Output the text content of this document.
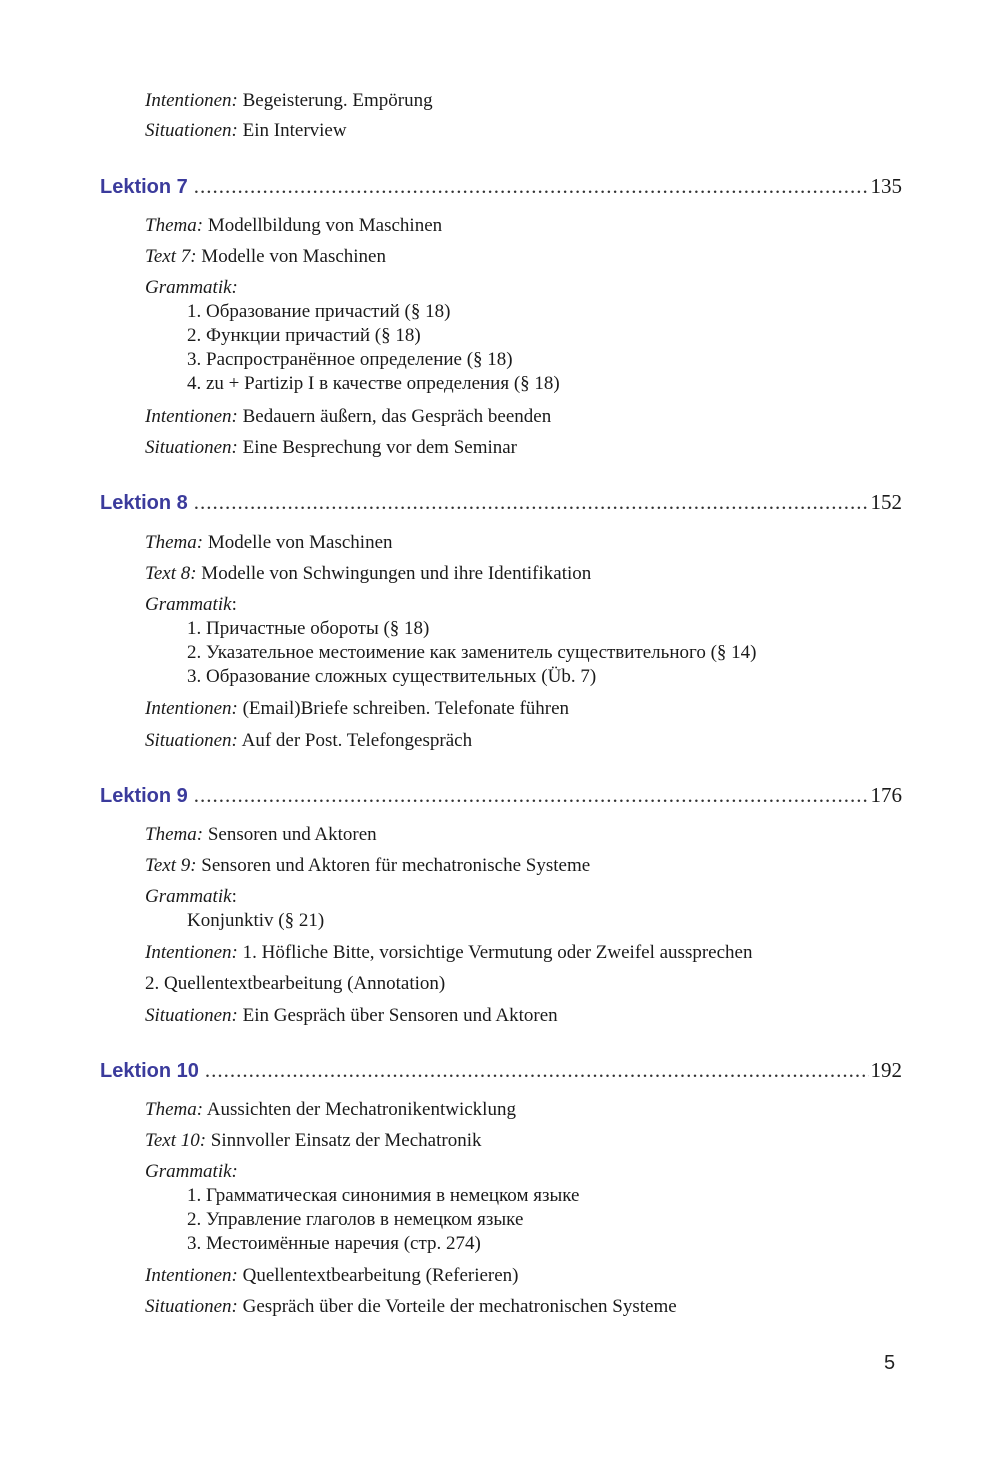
Intentionen: Begeisterung. Empörung
Situationen: Ein Interview
Lektion 7 .....	135
Thema: Modellbildung von Maschinen
Text 7: Modelle von Maschinen
Grammatik:
1. Образование причастий (§ 18)
2. Функции причастий (§ 18)
3. Распространённое определение (§ 18)
4. zu + Partizip I в качестве определения (§ 18)
Intentionen: Bedauern äußern, das Gespräch beenden
Situationen: Eine Besprechung vor dem Seminar
Lektion 8 .....	152
Thema: Modelle von Maschinen
Text 8: Modelle von Schwingungen und ihre Identifikation
Grammatik:
1. Причастные обороты (§ 18)
2. Указательное местоимение как заменитель существительного (§ 14)
3. Образование сложных существительных (Üb. 7)
Intentionen: (Email)Briefe schreiben. Telefonate führen
Situationen: Auf der Post. Telefongespräch
Lektion 9 .....	176
Thema: Sensoren und Aktoren
Text 9: Sensoren und Aktoren für mechatronische Systeme
Grammatik:
Konjunktiv (§ 21)
Intentionen: 1. Höfliche Bitte, vorsichtige Vermutung oder Zweifel aussprechen
2. Quellentextbearbeitung (Annotation)
Situationen: Ein Gespräch über Sensoren und Aktoren
Lektion 10 .....	192
Thema: Aussichten der Mechatronikentwicklung
Text 10: Sinnvoller Einsatz der Mechatronik
Grammatik:
1. Грамматическая синонимия в немецком языке
2. Управление глаголов в немецком языке
3. Местоимённые наречия (стр. 274)
Intentionen: Quellentextbearbeitung (Referieren)
Situationen: Gespräch über die Vorteile der mechatronischen Systeme
5
